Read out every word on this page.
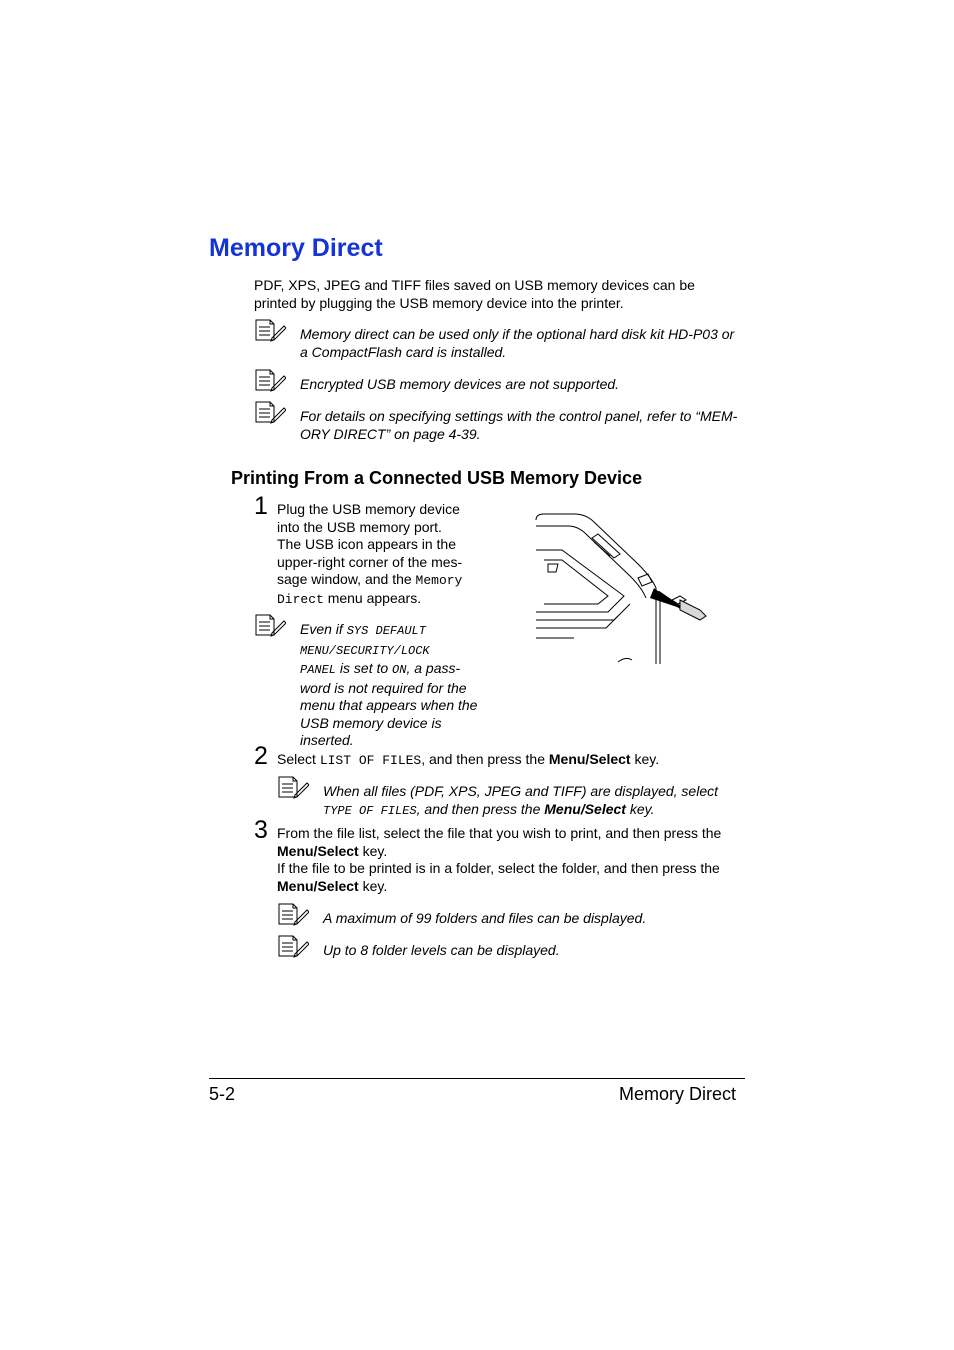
Memory Direct
PDF, XPS, JPEG and TIFF files saved on USB memory devices can be printed by plugging the USB memory device into the printer.
Memory direct can be used only if the optional hard disk kit HD-P03 or
a CompactFlash card is installed.
Encrypted USB memory devices are not supported.
For details on specifying settings with the control panel, refer to “MEM-
ORY DIRECT” on page 4-39.
Printing From a Connected USB Memory Device
1 Plug the USB memory device
into the USB memory port.
The USB icon appears in the
upper-right corner of the mes-
sage window, and the Memory
Direct menu appears.
Even if SYS DEFAULT
MENU/SECURITY/LOCK
PANEL is set to ON, a pass-
word is not required for the
menu that appears when the
USB memory device is
inserted.
2 Select LIST OF FILES, and then press the Menu/Select key.
When all files (PDF, XPS, JPEG and TIFF) are displayed, select
TYPE OF FILES, and then press the Menu/Select key.
3 From the file list, select the file that you wish to print, and then press the
Menu/Select key.
If the file to be printed is in a folder, select the folder, and then press the
Menu/Select key.
A maximum of 99 folders and files can be displayed.
Up to 8 folder levels can be displayed.
5-2	Memory Direct
